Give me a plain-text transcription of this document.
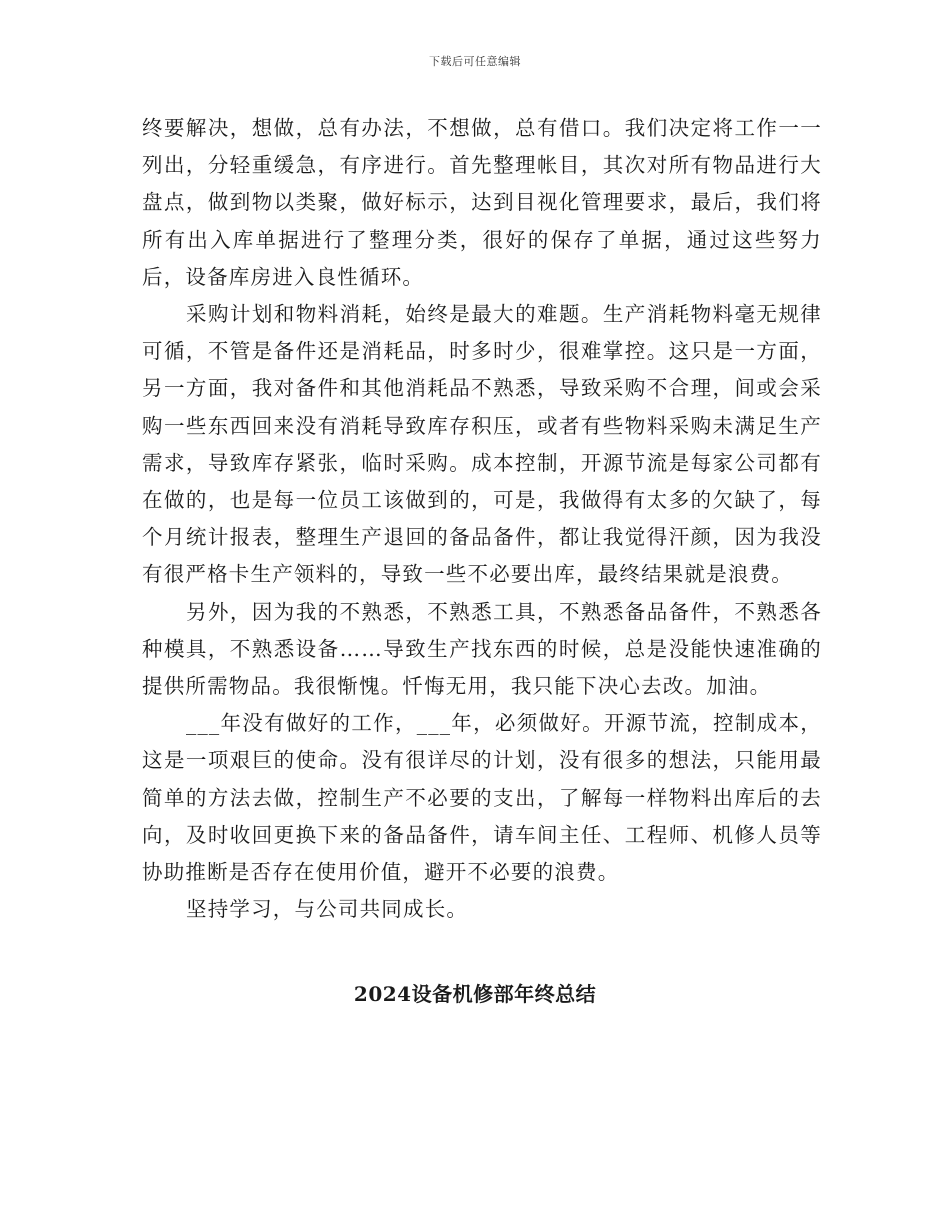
下载后可任意编辑

终要解决，想做，总有办法，不想做，总有借口。我们决定将工作一一列出，分轻重缓急，有序进行。首先整理帐目，其次对所有物品进行大盘点，做到物以类聚，做好标示，达到目视化管理要求，最后，我们将所有出入库单据进行了整理分类，很好的保存了单据，通过这些努力后，设备库房进入良性循环。

采购计划和物料消耗，始终是最大的难题。生产消耗物料毫无规律可循，不管是备件还是消耗品，时多时少，很难掌控。这只是一方面，另一方面，我对备件和其他消耗品不熟悉，导致采购不合理，间或会采购一些东西回来没有消耗导致库存积压，或者有些物料采购未满足生产需求，导致库存紧张，临时采购。成本控制，开源节流是每家公司都有在做的，也是每一位员工该做到的，可是，我做得有太多的欠缺了，每个月统计报表，整理生产退回的备品备件，都让我觉得汗颜，因为我没有很严格卡生产领料的，导致一些不必要出库，最终结果就是浪费。

另外，因为我的不熟悉，不熟悉工具，不熟悉备品备件，不熟悉各种模具，不熟悉设备……导致生产找东西的时候，总是没能快速准确的提供所需物品。我很惭愧。忏悔无用，我只能下决心去改。加油。

___年没有做好的工作，___年，必须做好。开源节流，控制成本，这是一项艰巨的使命。没有很详尽的计划，没有很多的想法，只能用最简单的方法去做，控制生产不必要的支出，了解每一样物料出库后的去向，及时收回更换下来的备品备件，请车间主任、工程师、机修人员等协助推断是否存在使用价值，避开不必要的浪费。

坚持学习，与公司共同成长。

2024设备机修部年终总结
